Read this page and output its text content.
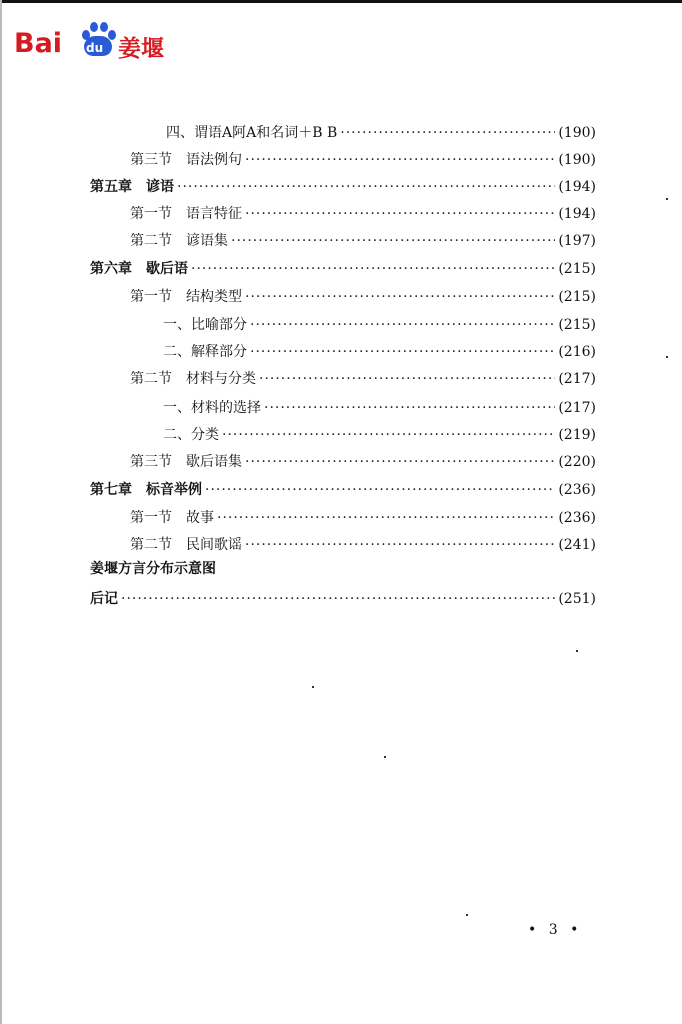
Bai du 姜堰
四、谓语A阿A和名词＋B B ·····	(190)
第三节　语法例句 ·····	(190)
第五章　谚语 ·····	(194)
第一节　语言特征 ·····	(194)
第二节　谚语集 ·····	(197)
第六章　歇后语 ·····	(215)
第一节　结构类型 ·····	(215)
一、比喻部分 ·····	(215)
二、解释部分 ·····	(216)
第二节　材料与分类 ·····	(217)
一、材料的选择 ·····	(217)
二、分类 ·····	(219)
第三节　歇后语集 ·····	(220)
第七章　标音举例 ·····	(236)
第一节　故事 ·····	(236)
第二节　民间歌谣 ·····	(241)
姜堰方言分布示意图
后记 ·····	(251)
• 3 •
